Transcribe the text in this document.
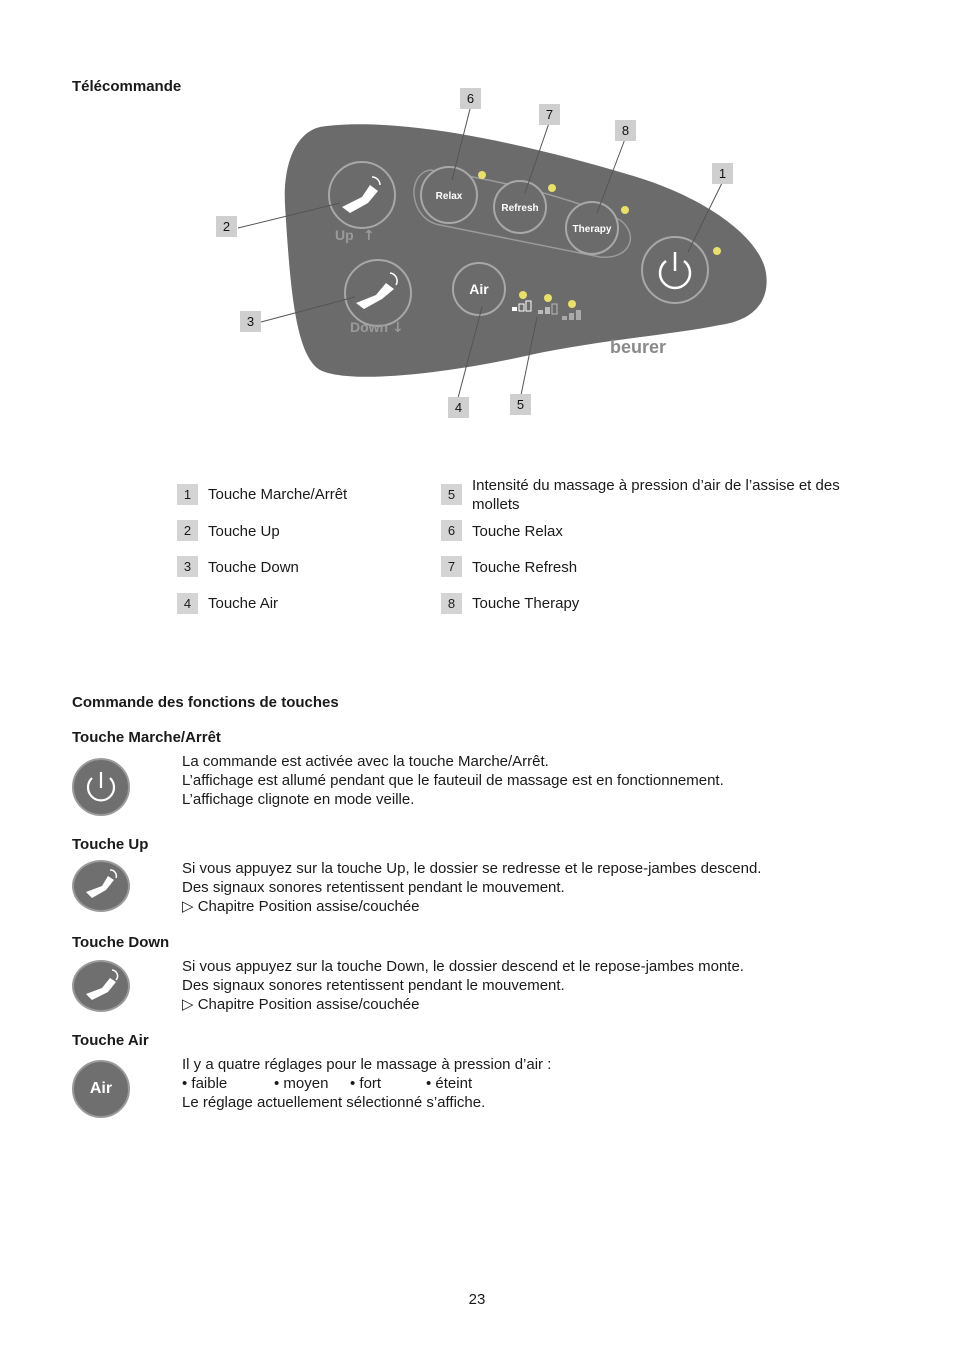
Télécommande
Up ↑
Down ↓
Relax
Refresh
Therapy
Air
beurer
6
7
8
1
2
3
4	5
1	Touche Marche/Arrêt
2	Touche Up
3	Touche Down
4	Touche Air
5
Intensité du massage à pression d’air de l’assise et des mollets
6	Touche Relax
7	Touche Refresh
8	Touche Therapy
Commande des fonctions de touches
Touche Marche/Arrêt
La commande est activée avec la touche Marche/Arrêt.
L’affichage est allumé pendant que le fauteuil de massage est en fonctionnement.
L’affichage clignote en mode veille.
Touche Up
Si vous appuyez sur la touche Up, le dossier se redresse et le repose-jambes descend.
Des signaux sonores retentissent pendant le mouvement.
▷ Chapitre Position assise/couchée
Touche Down
Si vous appuyez sur la touche Down, le dossier descend et le repose-jambes monte.
Des signaux sonores retentissent pendant le mouvement.
▷ Chapitre Position assise/couchée
Touche Air
Air
Il y a quatre réglages pour le massage à pression d’air :
• faible	• moyen • fort	• éteint
Le réglage actuellement sélectionné s’affiche.
23
